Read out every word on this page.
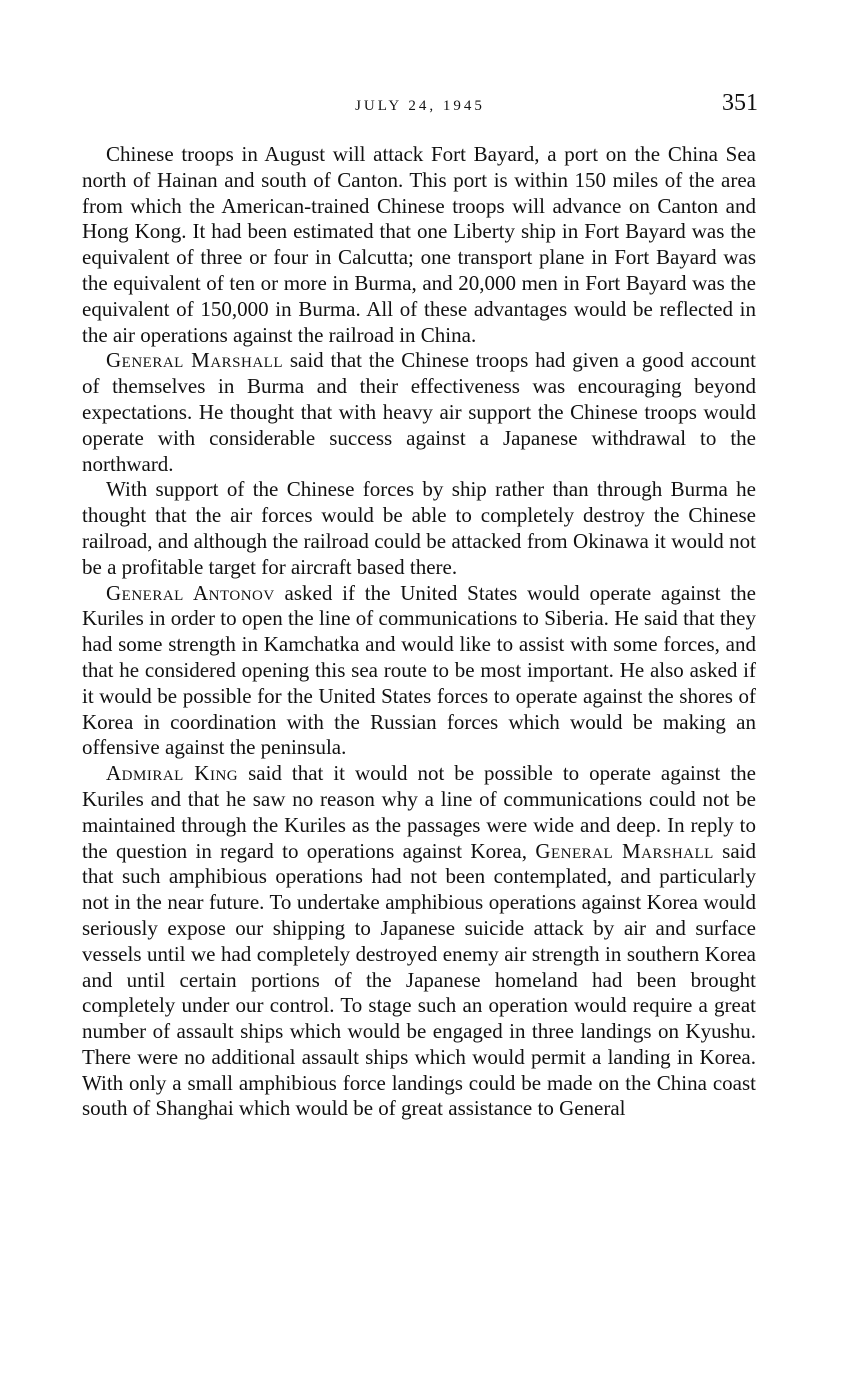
JULY 24, 1945	351

Chinese troops in August will attack Fort Bayard, a port on the China Sea north of Hainan and south of Canton. This port is within 150 miles of the area from which the American-trained Chinese troops will advance on Canton and Hong Kong. It had been estimated that one Liberty ship in Fort Bayard was the equivalent of three or four in Calcutta; one transport plane in Fort Bayard was the equivalent of ten or more in Burma, and 20,000 men in Fort Bayard was the equivalent of 150,000 in Burma. All of these advantages would be reflected in the air operations against the railroad in China.

General Marshall said that the Chinese troops had given a good account of themselves in Burma and their effectiveness was encouraging beyond expectations. He thought that with heavy air support the Chinese troops would operate with considerable success against a Japanese withdrawal to the northward.

With support of the Chinese forces by ship rather than through Burma he thought that the air forces would be able to completely destroy the Chinese railroad, and although the railroad could be attacked from Okinawa it would not be a profitable target for aircraft based there.

General Antonov asked if the United States would operate against the Kuriles in order to open the line of communications to Siberia. He said that they had some strength in Kamchatka and would like to assist with some forces, and that he considered opening this sea route to be most important. He also asked if it would be possible for the United States forces to operate against the shores of Korea in coordination with the Russian forces which would be making an offensive against the peninsula.

Admiral King said that it would not be possible to operate against the Kuriles and that he saw no reason why a line of communications could not be maintained through the Kuriles as the passages were wide and deep. In reply to the question in regard to operations against Korea, General Marshall said that such amphibious operations had not been contemplated, and particularly not in the near future. To undertake amphibious operations against Korea would seriously expose our shipping to Japanese suicide attack by air and surface vessels until we had completely destroyed enemy air strength in southern Korea and until certain portions of the Japanese homeland had been brought completely under our control. To stage such an operation would require a great number of assault ships which would be engaged in three landings on Kyushu. There were no additional assault ships which would permit a landing in Korea. With only a small amphibious force landings could be made on the China coast south of Shanghai which would be of great assistance to General
